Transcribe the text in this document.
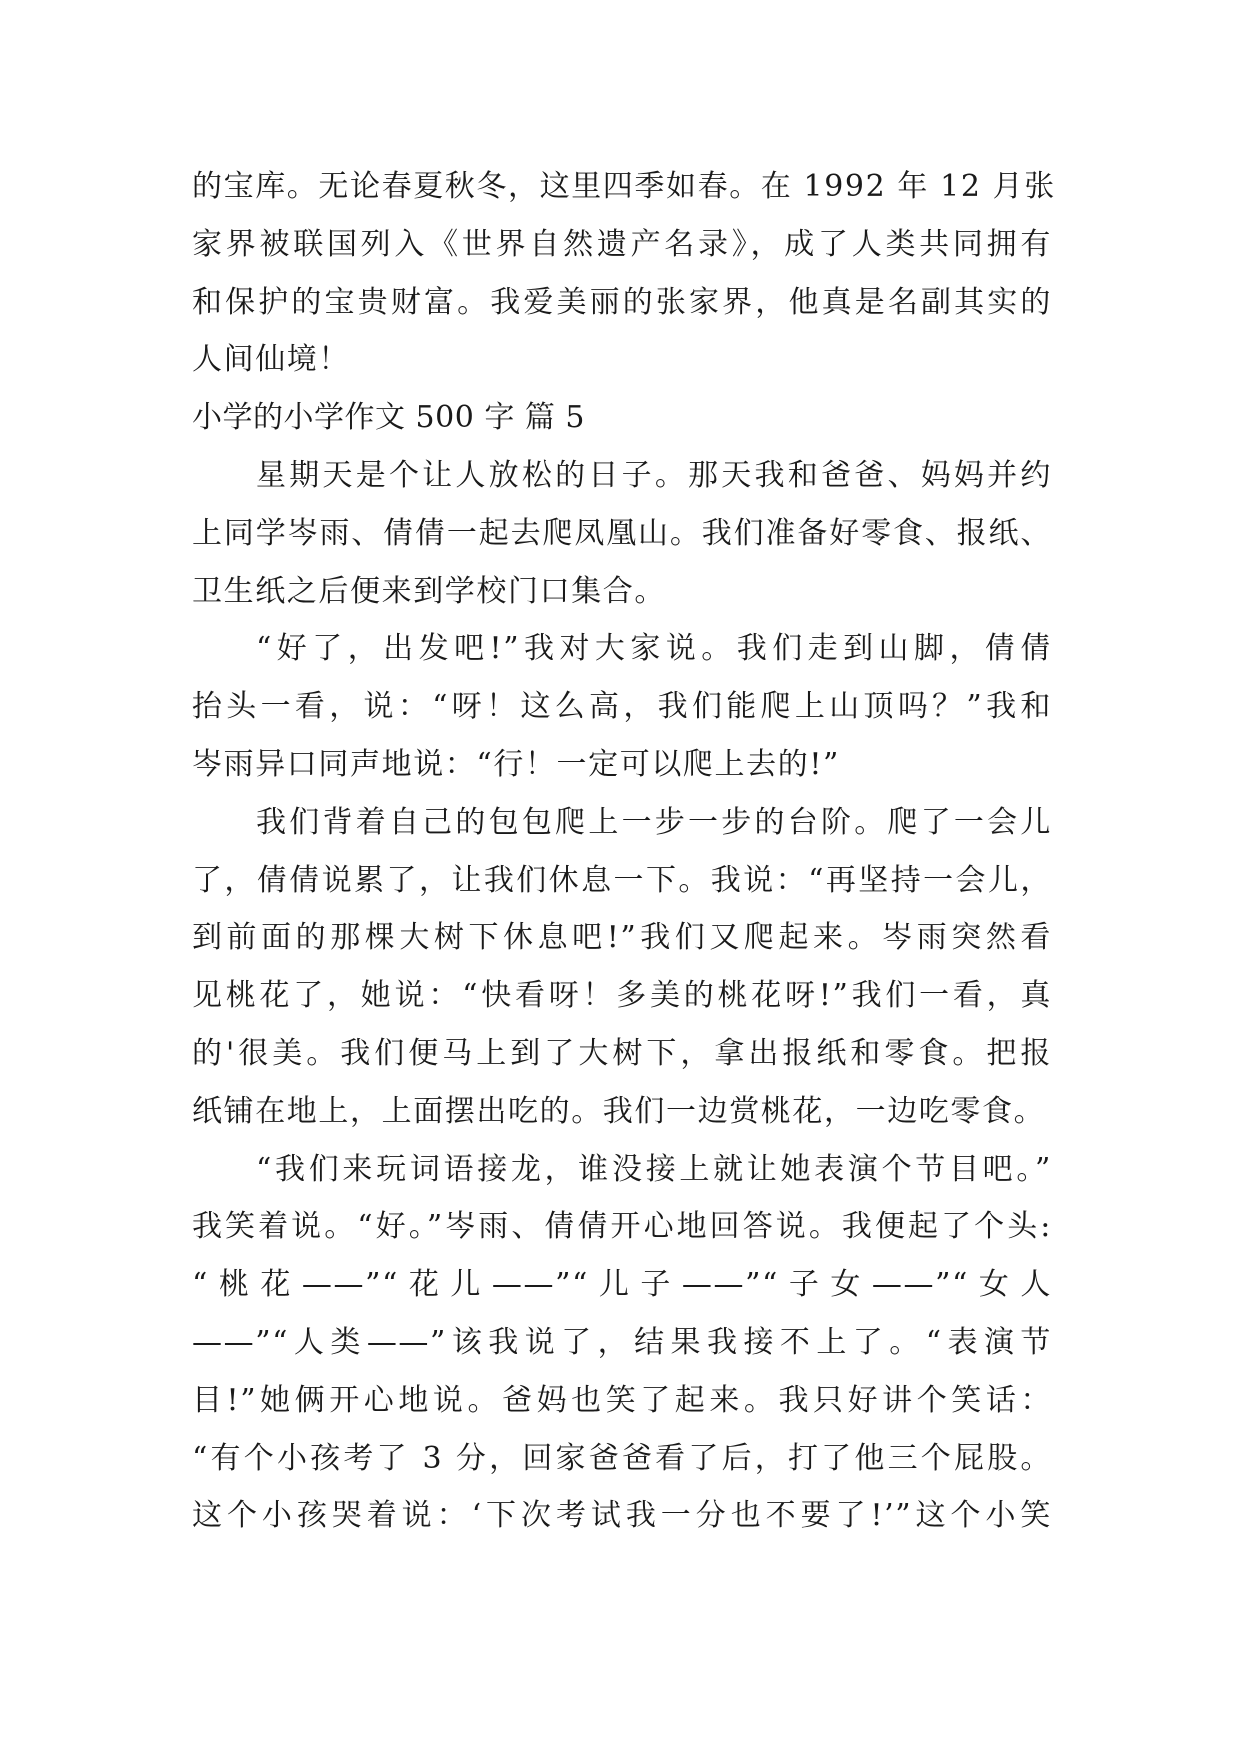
的宝库。无论春夏秋冬，这里四季如春。在 1992 年 12 月张
家界被联国列入《世界自然遗产名录》，成了人类共同拥有
和保护的宝贵财富。我爱美丽的张家界，他真是名副其实的
人间仙境！
小学的小学作文 500 字 篇 5
星期天是个让人放松的日子。那天我和爸爸、妈妈并约
上同学岑雨、倩倩一起去爬凤凰山。我们准备好零食、报纸、
卫生纸之后便来到学校门口集合。
“好了，出发吧!”我对大家说。我们走到山脚，倩倩
抬头一看，说：“呀！这么高，我们能爬上山顶吗？”我和
岑雨异口同声地说：“行！一定可以爬上去的!”
我们背着自己的包包爬上一步一步的台阶。爬了一会儿
了，倩倩说累了，让我们休息一下。我说：“再坚持一会儿，
到前面的那棵大树下休息吧!”我们又爬起来。岑雨突然看
见桃花了，她说：“快看呀！多美的桃花呀!”我们一看，真
的'很美。我们便马上到了大树下，拿出报纸和零食。把报
纸铺在地上，上面摆出吃的。我们一边赏桃花，一边吃零食。
“我们来玩词语接龙，谁没接上就让她表演个节目吧。”
我笑着说。“好。”岑雨、倩倩开心地回答说。我便起了个头:
“桃花——”“花儿——”“儿子——”“子女——”“女人
——”“人类——”该我说了，结果我接不上了。“表演节
目!”她俩开心地说。爸妈也笑了起来。我只好讲个笑话：
“有个小孩考了 3 分，回家爸爸看了后，打了他三个屁股。
这个小孩哭着说：‘下次考试我一分也不要了!’”这个小笑
